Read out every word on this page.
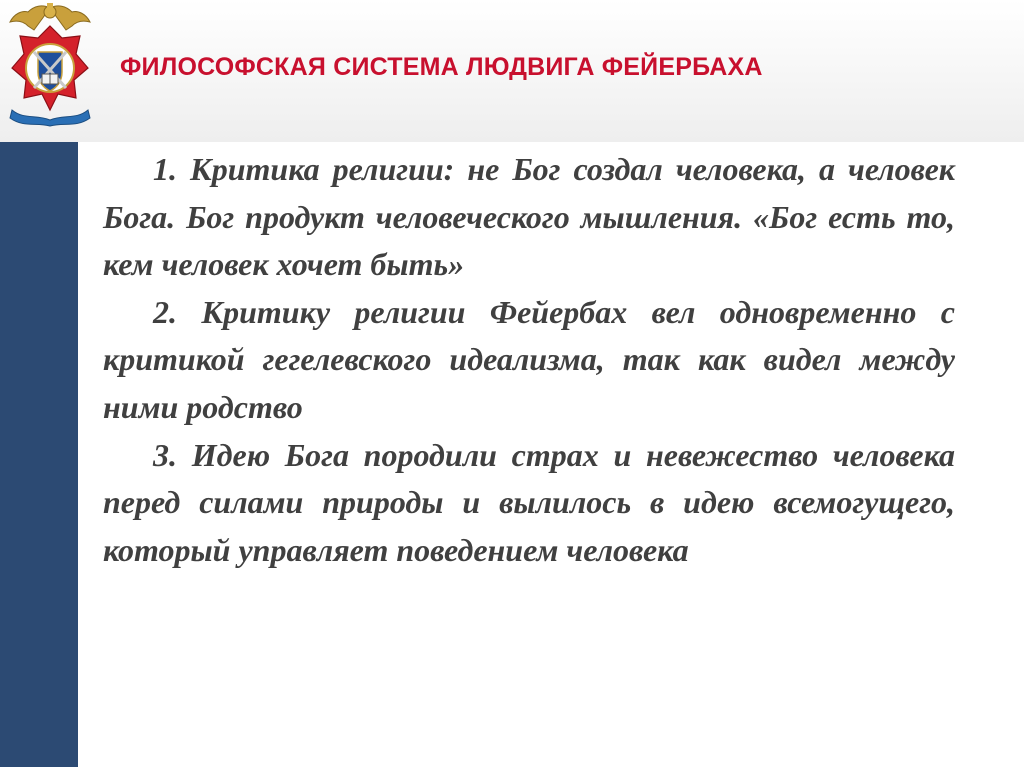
ФИЛОСОФСКАЯ СИСТЕМА ЛЮДВИГА ФЕЙЕРБАХА

1. Критика религии: не Бог создал человека, а человек Бога. Бог продукт человеческого мышления. «Бог есть то, кем человек хочет быть»

2. Критику религии Фейербах вел одновременно с критикой гегелевского идеализма, так как видел между ними родство

3. Идею Бога породили страх и невежество человека перед силами природы и вылилось в идею всемогущего, который управляет поведением человека
